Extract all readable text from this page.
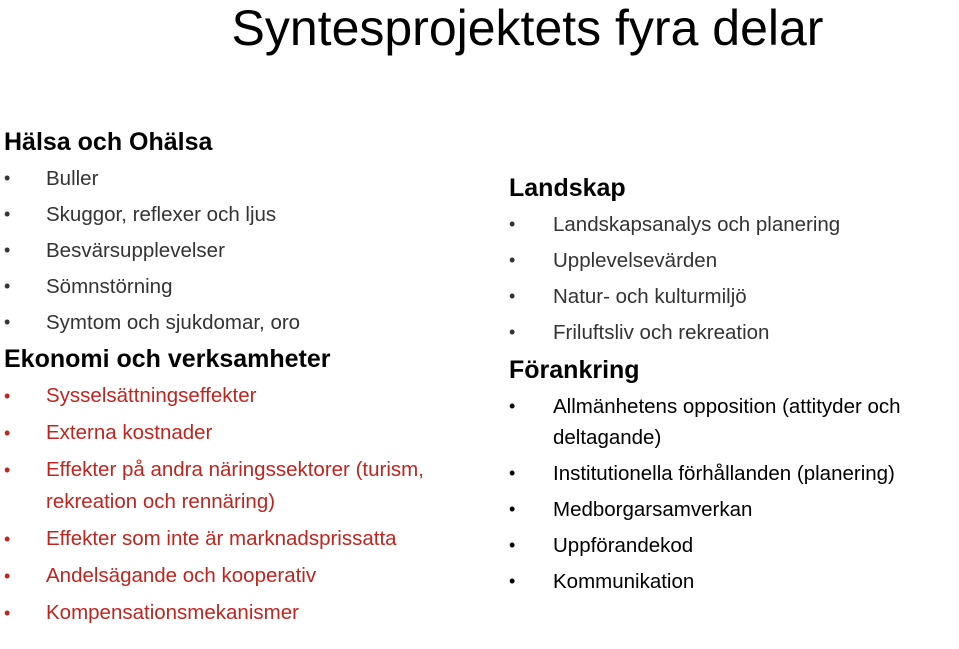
Syntesprojektets fyra delar
Hälsa och Ohälsa
•
Buller
•
Skuggor, reflexer och ljus
•
Besvärsupplevelser
•
Sömnstörning
•
Symtom och sjukdomar, oro
Ekonomi och verksamheter
•
Sysselsättningseffekter
•
Externa kostnader
•
Effekter på andra näringssektorer (turism, rekreation och rennäring)
•
Effekter som inte är marknadsprissatta
•
Andelsägande och kooperativ
•
Kompensationsmekanismer
Landskap
•
Landskapsanalys och planering
•
Upplevelsevärden
•
Natur- och kulturmiljö
•
Friluftsliv och rekreation
Förankring
•
Allmänhetens opposition (attityder och deltagande)
•
Institutionella förhållanden (planering)
•
Medborgarsamverkan
•
Uppförandekod
•
Kommunikation
